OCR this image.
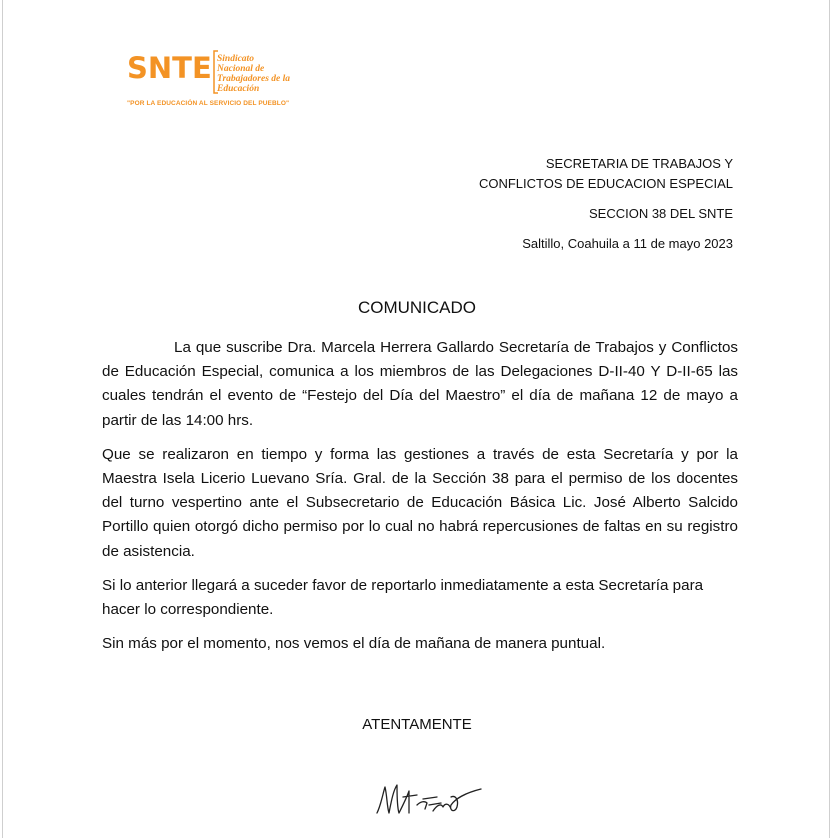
SNTE Sindicato
Nacional de
Trabajadores de la
Educación
"POR LA EDUCACIÓN AL SERVICIO DEL PUEBLO"
SECRETARIA DE TRABAJOS Y
CONFLICTOS DE EDUCACION ESPECIAL
SECCION 38 DEL SNTE
Saltillo, Coahuila a 11 de mayo 2023
COMUNICADO

La que suscribe Dra. Marcela Herrera Gallardo Secretaría de Trabajos y Conflictos de Educación Especial, comunica a los miembros de las Delegaciones D-II-40 Y D-II-65 las cuales tendrán el evento de “Festejo del Día del Maestro” el día de mañana 12 de mayo a partir de las 14:00 hrs.

Que se realizaron en tiempo y forma las gestiones a través de esta Secretaría y por la Maestra Isela Licerio Luevano Sría. Gral. de la Sección 38 para el permiso de los docentes del turno vespertino ante el Subsecretario de Educación Básica Lic. José Alberto Salcido Portillo quien otorgó dicho permiso por lo cual no habrá repercusiones de faltas en su registro de asistencia.

Si lo anterior llegará a suceder favor de reportarlo inmediatamente a esta Secretaría para hacer lo correspondiente.

Sin más por el momento, nos vemos el día de mañana de manera puntual.

ATENTAMENTE
